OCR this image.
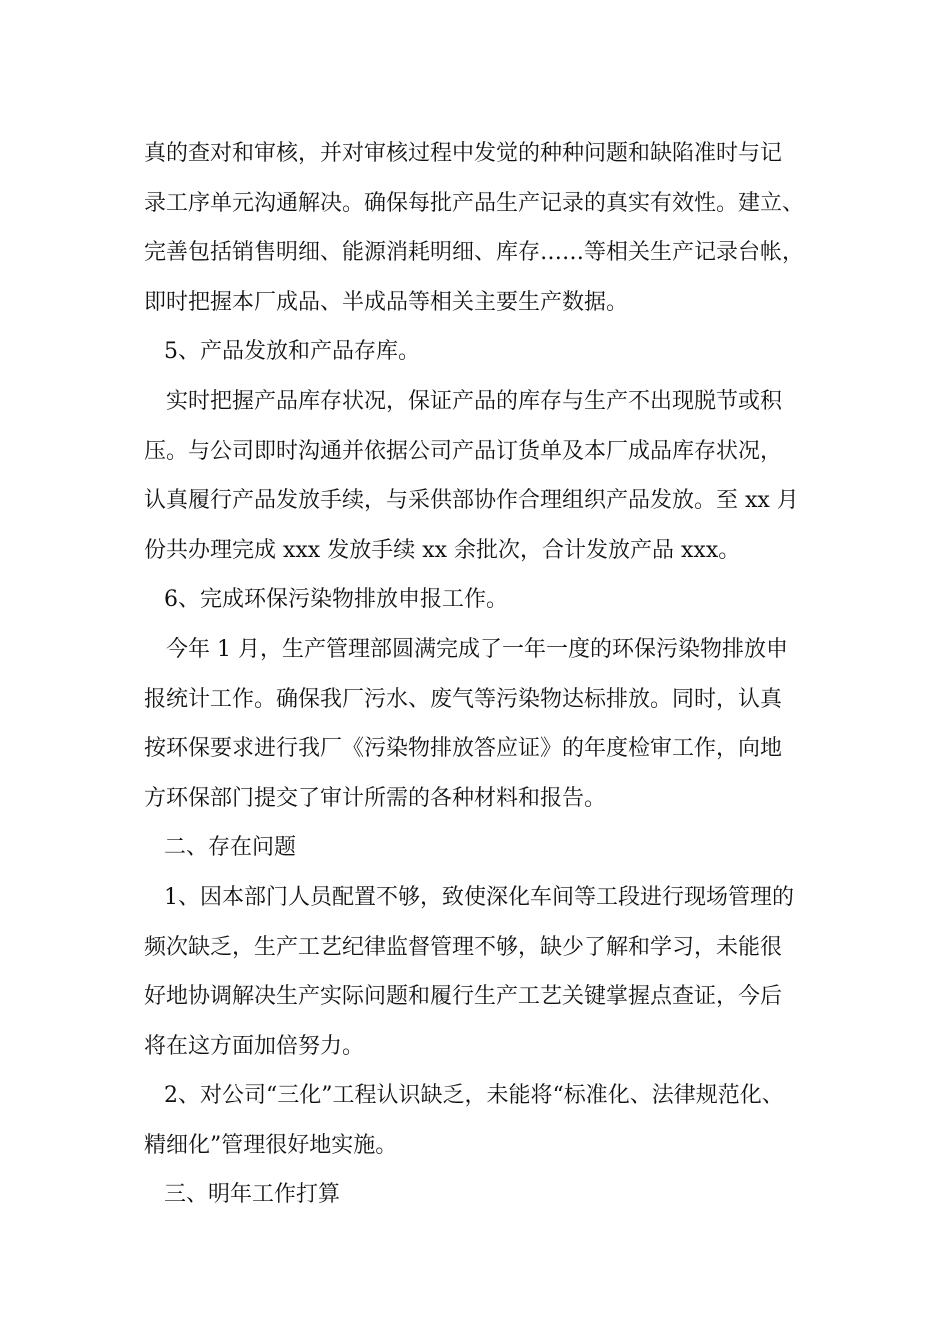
真的查对和审核，并对审核过程中发觉的种种问题和缺陷准时与记
录工序单元沟通解决。确保每批产品生产记录的真实有效性。建立、
完善包括销售明细、能源消耗明细、库存……等相关生产记录台帐，
即时把握本厂成品、半成品等相关主要生产数据。
5、产品发放和产品存库。
实时把握产品库存状况，保证产品的库存与生产不出现脱节或积
压。与公司即时沟通并依据公司产品订货单及本厂成品库存状况，
认真履行产品发放手续，与采供部协作合理组织产品发放。至 xx 月
份共办理完成 xxx 发放手续 xx 余批次，合计发放产品 xxx。
6、完成环保污染物排放申报工作。
今年 1 月，生产管理部圆满完成了一年一度的环保污染物排放申
报统计工作。确保我厂污水、废气等污染物达标排放。同时，认真
按环保要求进行我厂《污染物排放答应证》的年度检审工作，向地
方环保部门提交了审计所需的各种材料和报告。
二、存在问题
1、因本部门人员配置不够，致使深化车间等工段进行现场管理的
频次缺乏，生产工艺纪律监督管理不够，缺少了解和学习，未能很
好地协调解决生产实际问题和履行生产工艺关键掌握点查证，今后
将在这方面加倍努力。
2、对公司“三化”工程认识缺乏，未能将“标准化、法律规范化、
精细化”管理很好地实施。
三、明年工作打算
